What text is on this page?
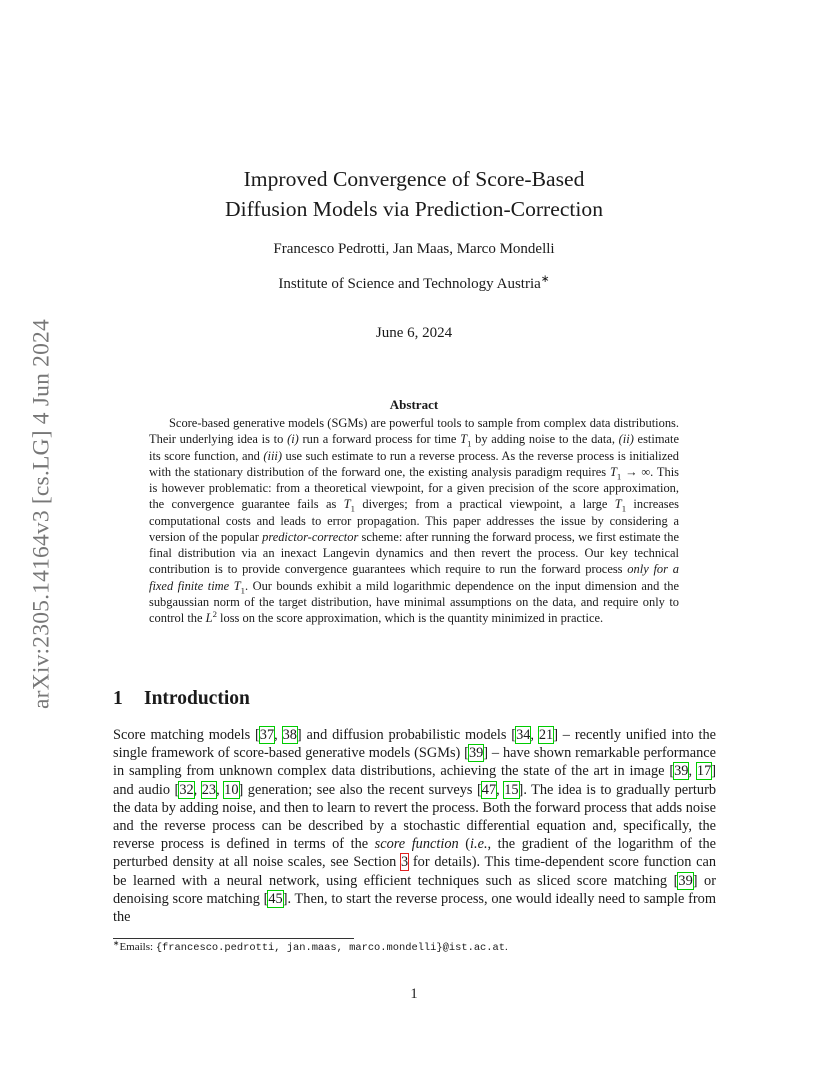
arXiv:2305.14164v3 [cs.LG] 4 Jun 2024
Improved Convergence of Score-Based
Diffusion Models via Prediction-Correction
Francesco Pedrotti, Jan Maas, Marco Mondelli
Institute of Science and Technology Austria∗
June 6, 2024
Abstract

Score-based generative models (SGMs) are powerful tools to sample from complex data distributions. Their underlying idea is to (i) run a forward process for time $T_1$ by adding noise to the data, (ii) estimate its score function, and (iii) use such estimate to run a reverse process. As the reverse process is initialized with the stationary distribution of the forward one, the existing analysis paradigm requires $T_1$ → ∞. This is however problematic: from a theoretical viewpoint, for a given precision of the score approximation, the convergence guarantee fails as $T_1$ diverges; from a practical viewpoint, a large $T_1$ increases computational costs and leads to error propagation. This paper addresses the issue by considering a version of the popular predictor-corrector scheme: after running the forward process, we first estimate the final distribution via an inexact Langevin dynamics and then revert the process. Our key technical contribution is to provide convergence guarantees which require to run the forward process only for a fixed finite time $T_1$. Our bounds exhibit a mild logarithmic dependence on the input dimension and the subgaussian norm of the target distribution, have minimal assumptions on the data, and require only to control the $L^2$ loss on the score approximation, which is the quantity minimized in practice.

1 Introduction

Score matching models [37, 38] and diffusion probabilistic models [34, 21] – recently unified into the single framework of score-based generative models (SGMs) [39] – have shown remarkable performance in sampling from unknown complex data distributions, achieving the state of the art in image [39, 17] and audio [32, 23, 10] generation; see also the recent surveys [47, 15]. The idea is to gradually perturb the data by adding noise, and then to learn to revert the process. Both the forward process that adds noise and the reverse process can be described by a stochastic differential equation and, specifically, the reverse process is defined in terms of the score function (i.e., the gradient of the logarithm of the perturbed density at all noise scales, see Section 3 for details). This time-dependent score function can be learned with a neural network, using efficient techniques such as sliced score matching [39] or denoising score matching [45]. Then, to start the reverse process, one would ideally need to sample from the

∗Emails: {francesco.pedrotti, jan.maas, marco.mondelli}@ist.ac.at.
1
